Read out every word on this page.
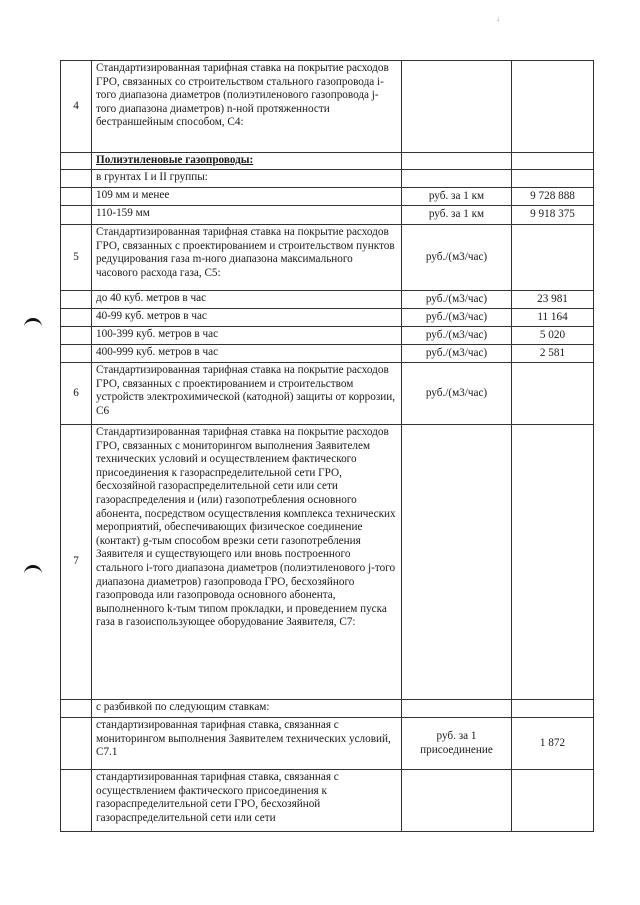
↓
4	Стандартизированная тарифная ставка на покрытие расходов ГРО, связанных со строительством стального газопровода i-того диапазона диаметров (полиэтиленового газопровода j-того диапазона диаметров) n-ной протяженности бестраншейным способом, C4:		
	Полиэтиленовые газопроводы:		
	в грунтах I и II группы:		
	109 мм и менее	руб. за 1 км	9 728 888
	110-159 мм	руб. за 1 км	9 918 375
5	Стандартизированная тарифная ставка на покрытие расходов ГРО, связанных с проектированием и строительством пунктов редуцирования газа m-ного диапазона максимального часового расхода газа, С5:	руб./(м3/час)	
	до 40 куб. метров в час	руб./(м3/час)	23 981
	40-99 куб. метров в час	руб./(м3/час)	11 164
	100-399 куб. метров в час	руб./(м3/час)	5 020
	400-999 куб. метров в час	руб./(м3/час)	2 581
6	Стандартизированная тарифная ставка на покрытие расходов ГРО, связанных с проектированием и строительством устройств электрохимической (катодной) защиты от коррозии, С6	руб./(м3/час)	
7	Стандартизированная тарифная ставка на покрытие расходов ГРО, связанных с мониторингом выполнения Заявителем технических условий и осуществлением фактического присоединения к газораспределительной сети ГРО, бесхозяйной газораспределительной сети или сети газораспределения и (или) газопотребления основного абонента, посредством осуществления комплекса технических мероприятий, обеспечивающих физическое соединение (контакт) g-тым способом врезки сети газопотребления Заявителя и существующего или вновь построенного стального i-того диапазона диаметров (полиэтиленового j-того диапазона диаметров) газопровода ГРО, бесхозяйного газопровода или газопровода основного абонента, выполненного k-тым типом прокладки, и проведением пуска газа в газоиспользующее оборудование Заявителя, С7:		
	с разбивкой по следующим ставкам:		
	стандартизированная тарифная ставка, связанная с мониторингом выполнения Заявителем технических условий, С7.1	руб. за 1 присоединение	1 872
	стандартизированная тарифная ставка, связанная с осуществлением фактического присоединения к газораспределительной сети ГРО, бесхозяйной газораспределительной сети или сети		
